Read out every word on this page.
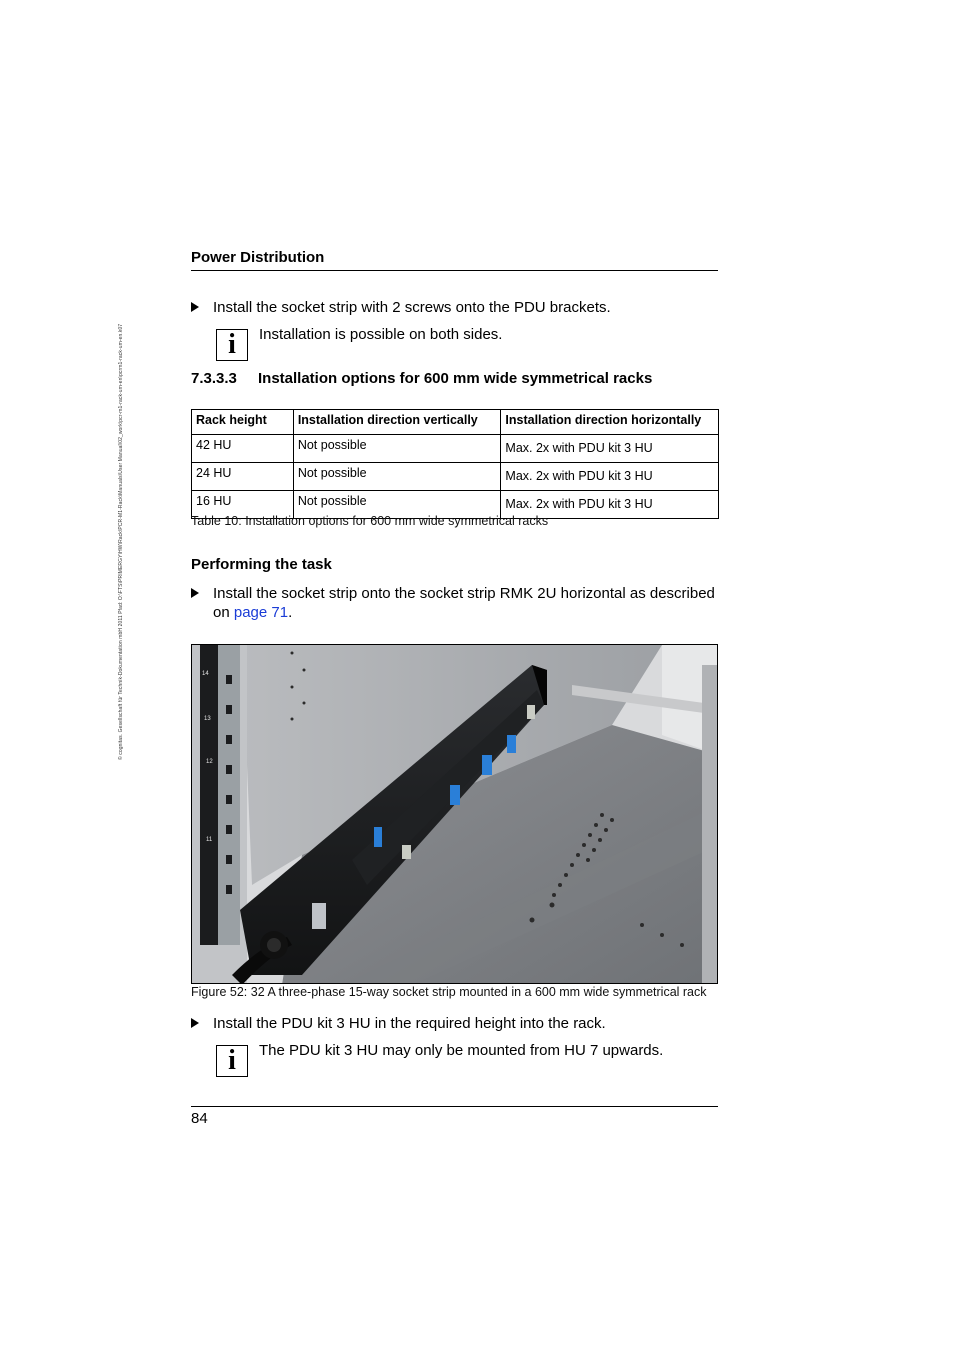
© cognitas. Gesellschaft für Technik-Dokumentation mbH 2011 Pfad: O:\FTS\PRIMERGY\HW\Rack\PCR-M1-Rack\Manuals\User Manual\02_work\pcr-m1-rack-um-en\pcrm1-rack-um-en.k07
Power Distribution
Install the socket strip with 2 screws onto the PDU brackets.
i	Installation is possible on both sides.
7.3.3.3 Installation options for 600 mm wide symmetrical racks
Rack height	Installation direction vertically	Installation direction horizontally
42 HU	Not possible	Max. 2x with PDU kit 3 HU
24 HU	Not possible	Max. 2x with PDU kit 3 HU
16 HU	Not possible	Max. 2x with PDU kit 3 HU
Table 10: Installation options for 600 mm wide symmetrical racks
Performing the task
Install the socket strip onto the socket strip RMK 2U horizontal as described on page 71.
14
13
12
11
Figure 52: 32 A three-phase 15-way socket strip mounted in a 600 mm wide symmetrical rack
Install the PDU kit 3 HU in the required height into the rack.
i	The PDU kit 3 HU may only be mounted from HU 7 upwards.
84
